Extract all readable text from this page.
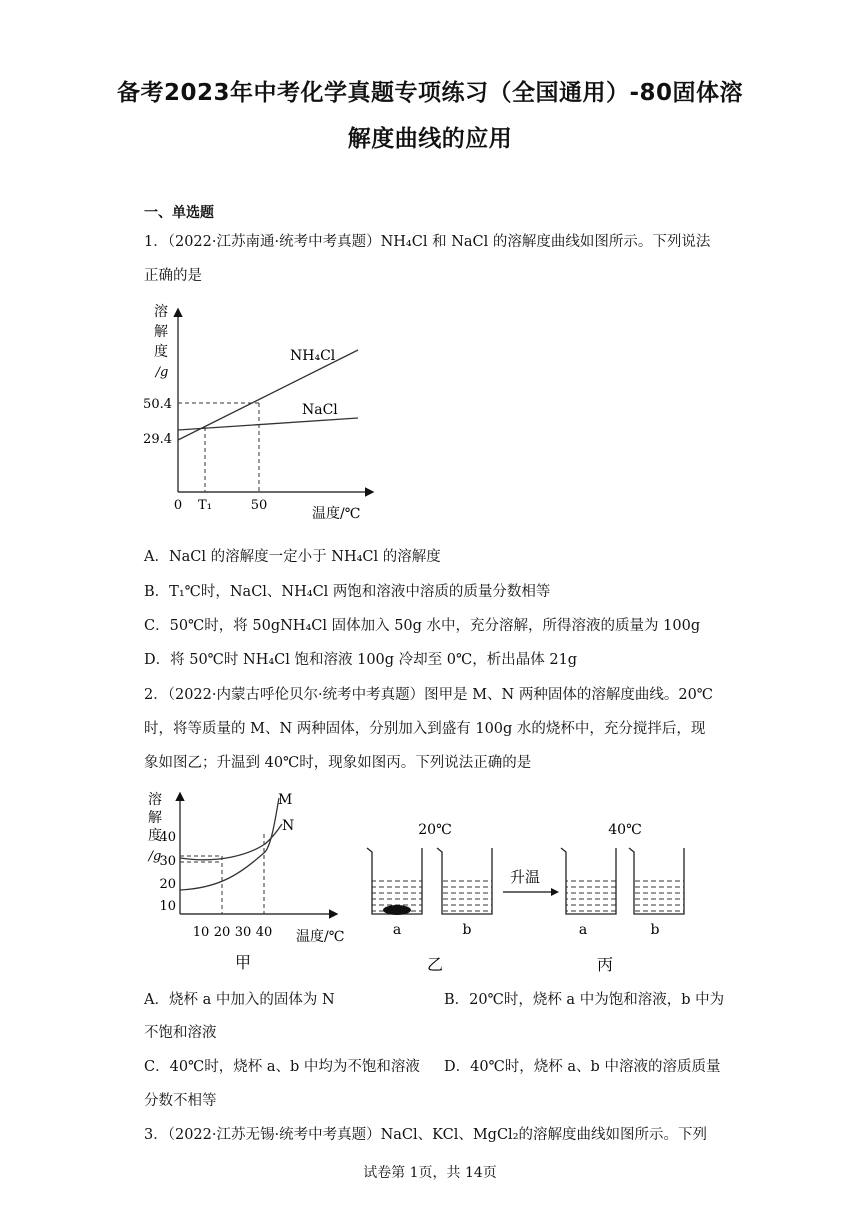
备考2023年中考化学真题专项练习（全国通用）-80固体溶
解度曲线的应用
一、单选题
1．（2022·江苏南通·统考中考真题）NH₄Cl 和 NaCl 的溶解度曲线如图所示。下列说法
正确的是
溶
解
度
/g
50.4
29.4
0 T₁	50
温度/℃
NH₄Cl
NaCl
A．NaCl 的溶解度一定小于 NH₄Cl 的溶解度
B．T₁℃时，NaCl、NH₄Cl 两饱和溶液中溶质的质量分数相等
C．50℃时，将 50gNH₄Cl 固体加入 50g 水中，充分溶解，所得溶液的质量为 100g
D．将 50℃时 NH₄Cl 饱和溶液 100g 冷却至 0℃，析出晶体 21g
2．（2022·内蒙古呼伦贝尔·统考中考真题）图甲是 M、N 两种固体的溶解度曲线。20℃
时，将等质量的 M、N 两种固体，分别加入到盛有 100g 水的烧杯中，充分搅拌后，现
象如图乙；升温到 40℃时，现象如图丙。下列说法正确的是
溶
解
度
/g
40
30
20
10
10 20 30 40 温度/℃
M
N
甲
20℃
a	b
乙
升温
40℃
a	b
丙
A．烧杯 a 中加入的固体为 N	B．20℃时，烧杯 a 中为饱和溶液，b 中为
不饱和溶液
C．40℃时，烧杯 a、b 中均为不饱和溶液 D．40℃时，烧杯 a、b 中溶液的溶质质量
分数不相等
3．（2022·江苏无锡·统考中考真题）NaCl、KCl、MgCl₂的溶解度曲线如图所示。下列
试卷第 1页，共 14页
